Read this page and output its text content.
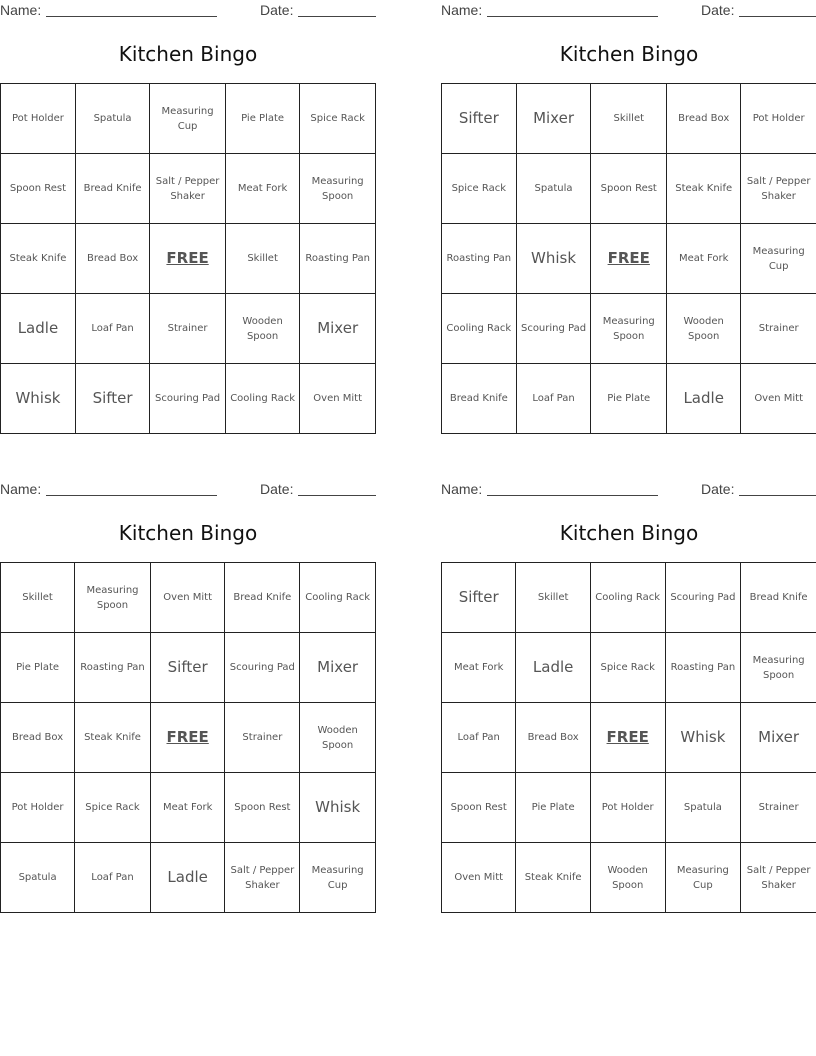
Name:	Date:
Kitchen Bingo
Pot Holder	Spatula	Measuring Cup	Pie Plate	Spice Rack
Spoon Rest	Bread Knife	Salt / Pepper Shaker	Meat Fork	Measuring Spoon
Steak Knife	Bread Box	FREE	Skillet	Roasting Pan
Ladle	Loaf Pan	Strainer	Wooden Spoon	Mixer
Whisk	Sifter	Scouring Pad	Cooling Rack	Oven Mitt
Name:	Date:
Kitchen Bingo
Sifter	Mixer	Skillet	Bread Box	Pot Holder
Spice Rack	Spatula	Spoon Rest	Steak Knife	Salt / Pepper Shaker
Roasting Pan	Whisk	FREE	Meat Fork	Measuring Cup
Cooling Rack	Scouring Pad	Measuring Spoon	Wooden Spoon	Strainer
Bread Knife	Loaf Pan	Pie Plate	Ladle	Oven Mitt
Name:	Date:
Kitchen Bingo
Skillet	Measuring Spoon	Oven Mitt	Bread Knife	Cooling Rack
Pie Plate	Roasting Pan	Sifter	Scouring Pad	Mixer
Bread Box	Steak Knife	FREE	Strainer	Wooden Spoon
Pot Holder	Spice Rack	Meat Fork	Spoon Rest	Whisk
Spatula	Loaf Pan	Ladle	Salt / Pepper Shaker	Measuring Cup
Name:	Date:
Kitchen Bingo
Sifter	Skillet	Cooling Rack	Scouring Pad	Bread Knife
Meat Fork	Ladle	Spice Rack	Roasting Pan	Measuring Spoon
Loaf Pan	Bread Box	FREE	Whisk	Mixer
Spoon Rest	Pie Plate	Pot Holder	Spatula	Strainer
Oven Mitt	Steak Knife	Wooden Spoon	Measuring Cup	Salt / Pepper Shaker
